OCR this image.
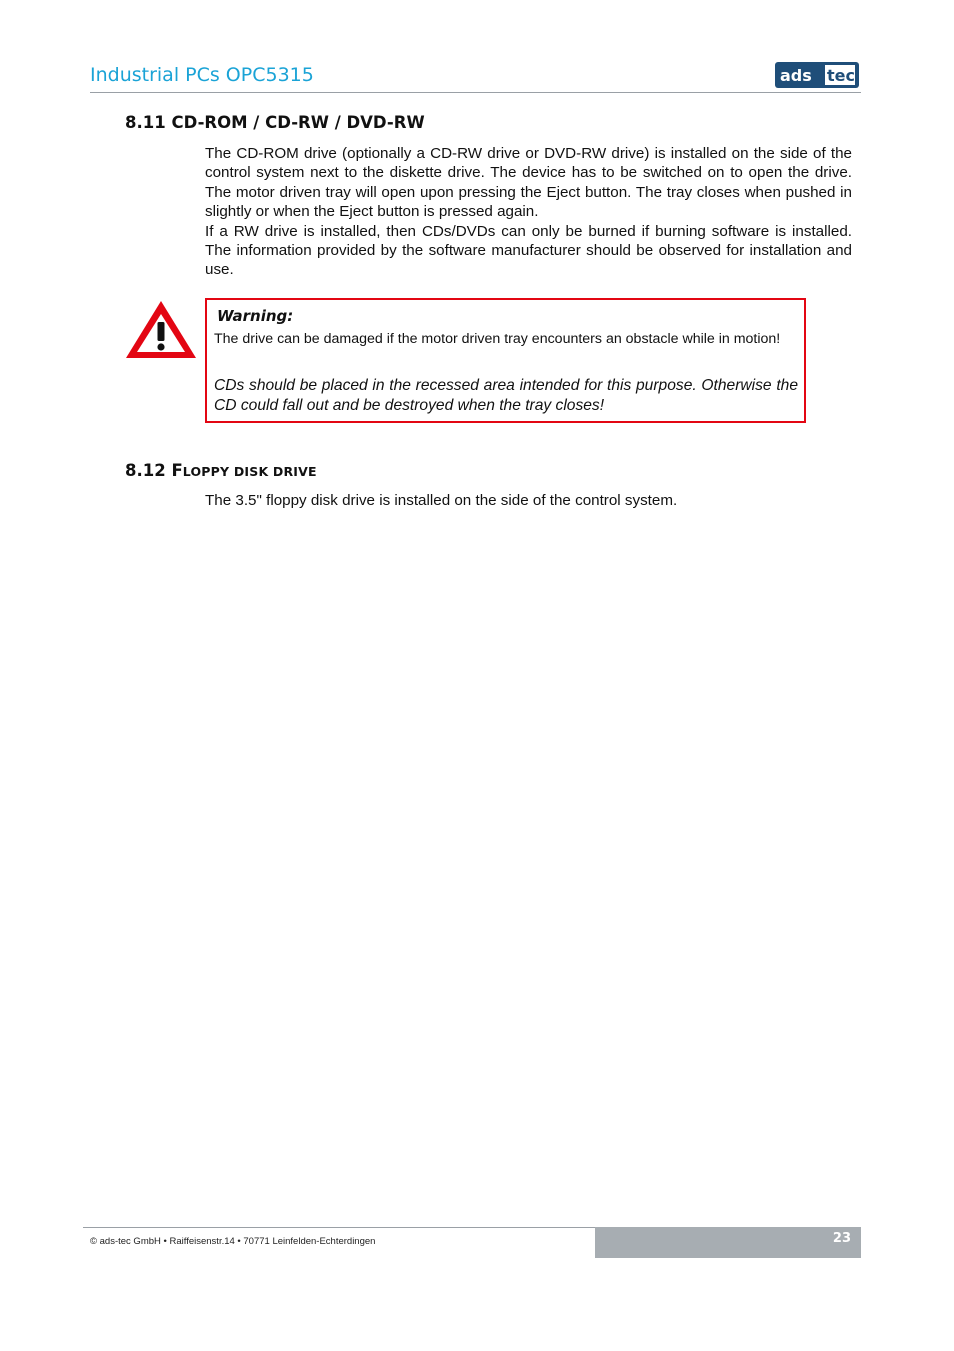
Industrial PCs OPC5315	ads tec
8.11 CD-ROM / CD-RW / DVD-RW

The CD-ROM drive (optionally a CD-RW drive or DVD-RW drive) is installed on the side of the control system next to the diskette drive. The device has to be switched on to open the drive. The motor driven tray will open upon pressing the Eject button. The tray closes when pushed in slightly or when the Eject button is pressed again.

If a RW drive is installed, then CDs/DVDs can only be burned if burning software is installed. The information provided by the software manufacturer should be observed for installation and use.

Warning:
The drive can be damaged if the motor driven tray encounters an obstacle while in motion!
CDs should be placed in the recessed area intended for this purpose. Otherwise the CD could fall out and be destroyed when the tray closes!
8.12 FLOPPY DISK DRIVE

The 3.5" floppy disk drive is installed on the side of the control system.

© ads-tec GmbH • Raiffeisenstr.14 • 70771 Leinfelden-Echterdingen	23
